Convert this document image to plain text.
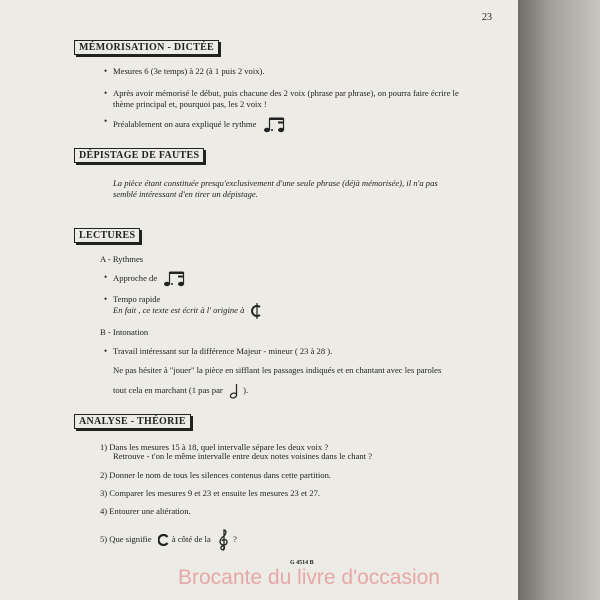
23
MÉMORISATION - DICTÉE
• Mesures 6 (3e temps) à 22 (à 1 puis 2 voix).
• Après avoir mémorisé le début, puis chacune des 2 voix (phrase par phrase), on pourra faire écrire le
thème principal et, pourquoi pas, les 2 voix !
• Préalablement on aura expliqué le rythme
DÉPISTAGE DE FAUTES
La pièce étant constituée presqu'exclusivement d'une seule phrase (déjà mémorisée), il n'a pas
semblé intéressant d'en tirer un dépistage.
LECTURES
A - Rythmes
• Approche de
• Tempo rapide
En fait , ce texte est écrit à l' origine à
B - Intonation
• Travail intéressant sur la différence Majeur - mineur ( 23 à 28 ).
Ne pas hésiter à "jouer" la pièce en sifflant les passages indiqués et en chantant avec les paroles
tout cela en marchant (1 pas par ).
ANALYSE - THÉORIE
1) Dans les mesures 15 à 18, quel intervalle sépare les deux voix ?
Retrouve - t'on le même intervalle entre deux notes voisines dans le chant ?
2) Donner le nom de tous les silences contenus dans cette partition.
3) Comparer les mesures 9 et 23 et ensuite les mesures 23 et 27.
4) Entourer une altération.
5) Que signifie à côté de la	?
G 4514 B
Brocante du livre d'occasion
